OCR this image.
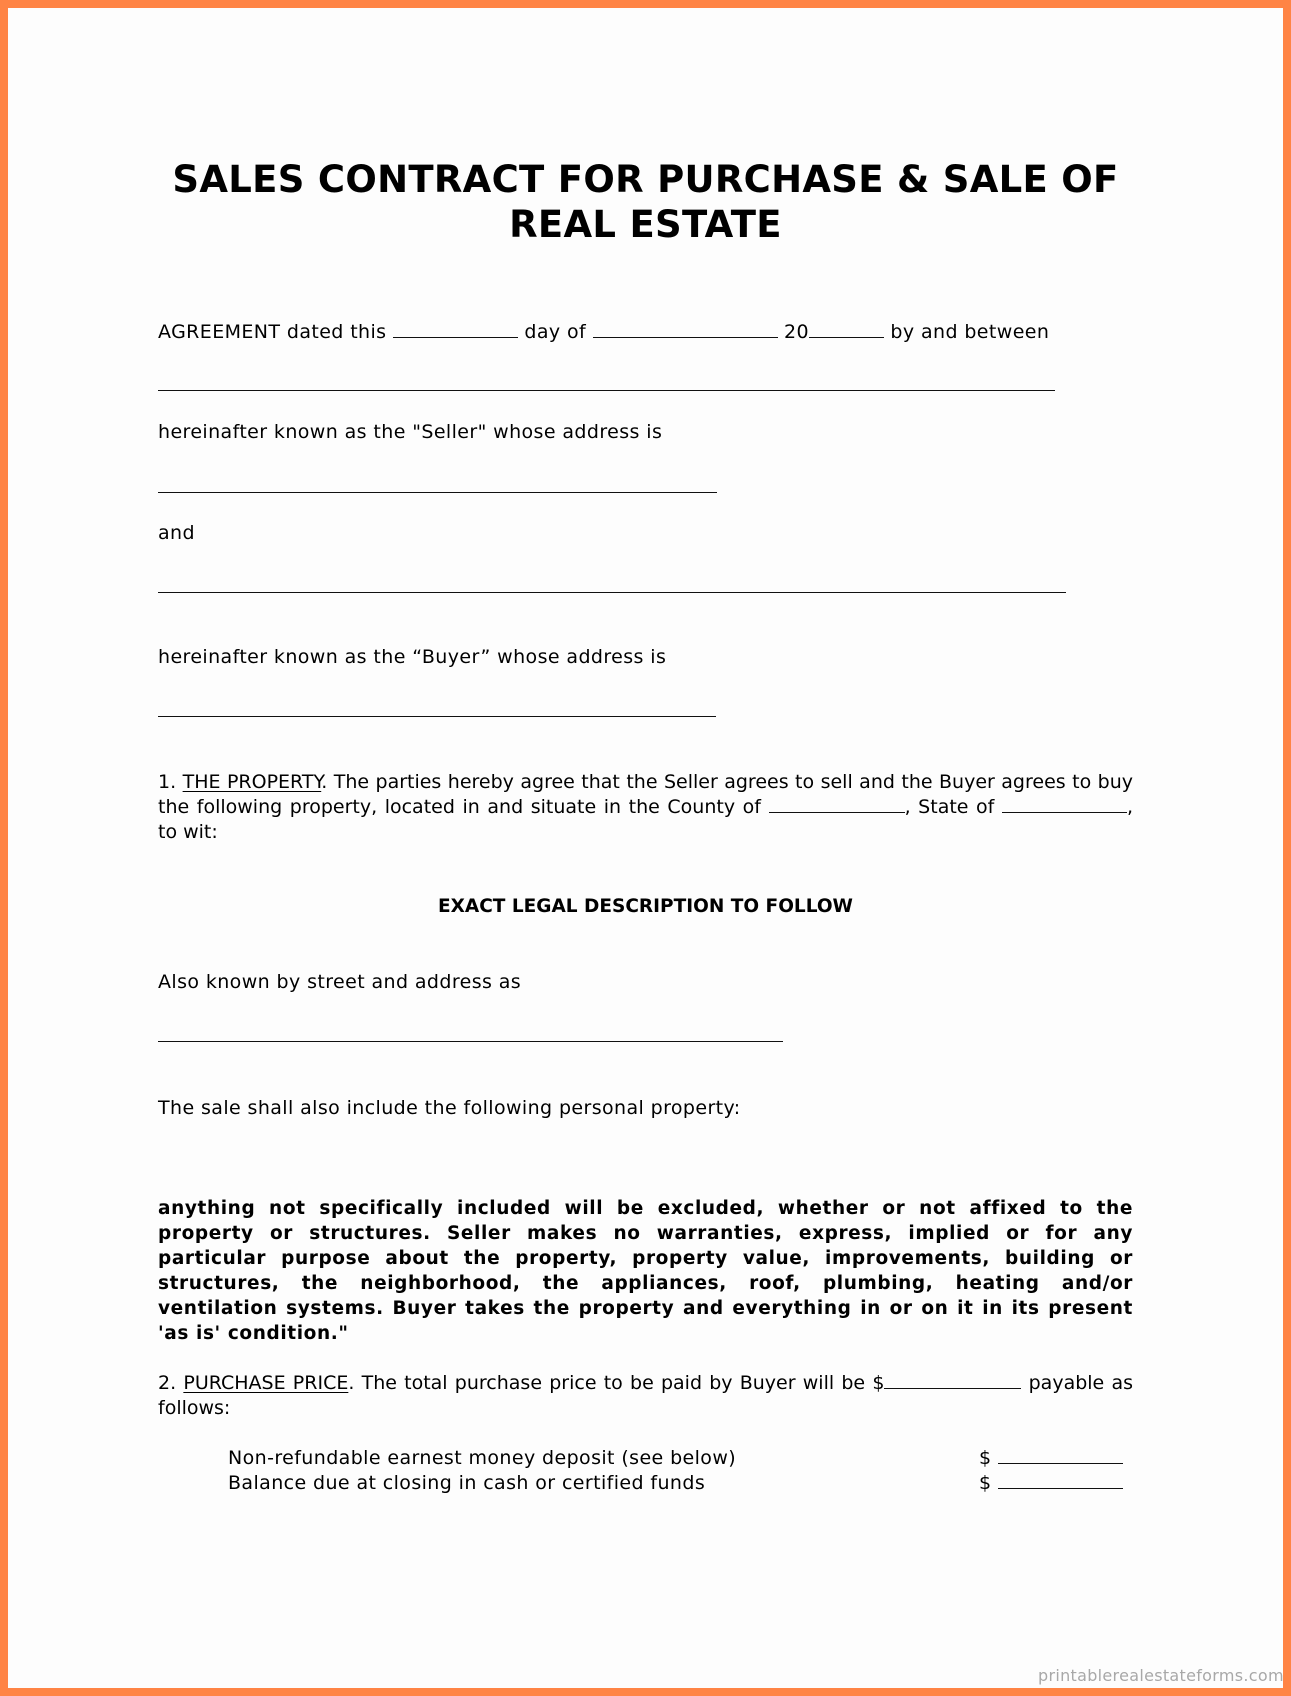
SALES CONTRACT FOR PURCHASE & SALE OF
REAL ESTATE
AGREEMENT dated this	day of	20	by and between
hereinafter known as the "Seller" whose address is
and
hereinafter known as the “Buyer” whose address is
1. THE PROPERTY. The parties hereby agree that the Seller agrees to sell and the Buyer agrees to buy the following property, located in and situate in the County of	, State of	, to wit:
EXACT LEGAL DESCRIPTION TO FOLLOW
Also known by street and address as
The sale shall also include the following personal property:
anything not specifically included will be excluded, whether or not affixed to the property or structures. Seller makes no warranties, express, implied or for any particular purpose about the property, property value, improvements, building or structures, the neighborhood, the appliances, roof, plumbing, heating and/or ventilation systems. Buyer takes the property and everything in or on it in its present 'as is' condition."
2. PURCHASE PRICE. The total purchase price to be paid by Buyer will be $	payable as follows:
Non-refundable earnest money deposit (see below)	$
Balance due at closing in cash or certified funds	$
printablerealestateforms.com
